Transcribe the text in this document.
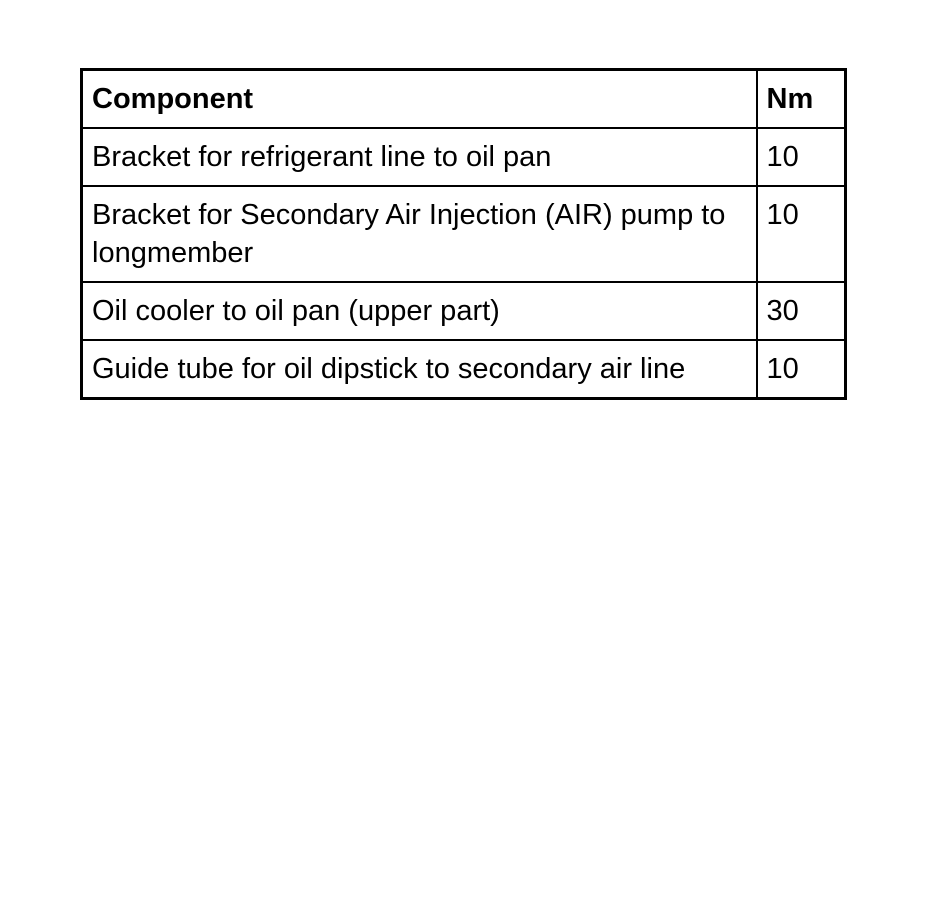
Component	Nm
Bracket for refrigerant line to oil pan	10
Bracket for Secondary Air Injection (AIR) pump to longmember	10
Oil cooler to oil pan (upper part)	30
Guide tube for oil dipstick to secondary air line	10
